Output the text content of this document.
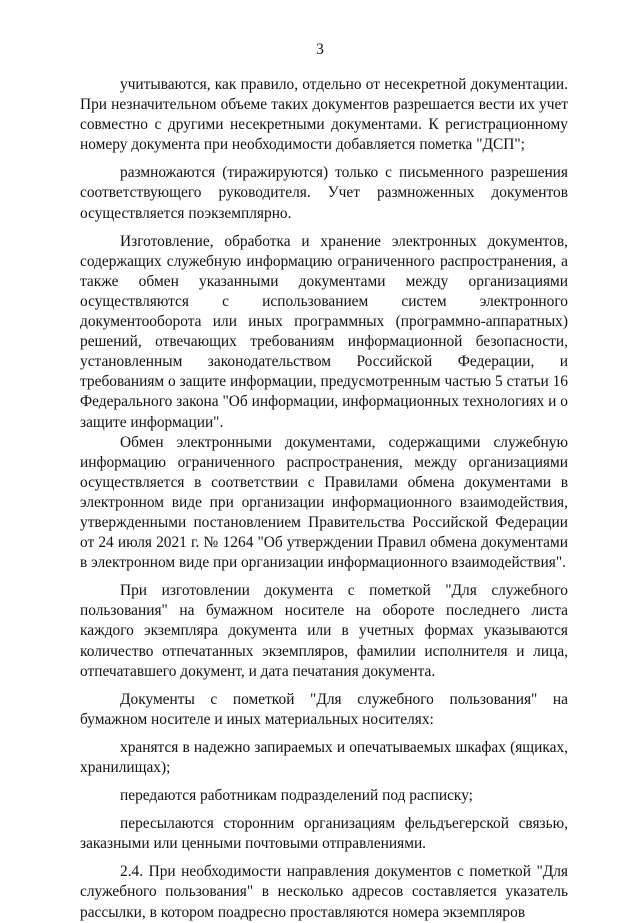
3

учитываются, как правило, отдельно от несекретной документации. При незначительном объеме таких документов разрешается вести их учет совместно с другими несекретными документами. К регистрационному номеру документа при необходимости добавляется пометка "ДСП";

размножаются (тиражируются) только с письменного разрешения соответствующего руководителя. Учет размноженных документов осуществляется поэкземплярно.

Изготовление, обработка и хранение электронных документов, содержащих служебную информацию ограниченного распространения, а также обмен указанными документами между организациями осуществляются с использованием систем электронного документооборота или иных программных (программно-аппаратных) решений, отвечающих требованиям информационной безопасности, установленным законодательством Российской Федерации, и требованиям о защите информации, предусмотренным частью 5 статьи 16 Федерального закона "Об информации, информационных технологиях и о защите информации".

Обмен электронными документами, содержащими служебную информацию ограниченного распространения, между организациями осуществляется в соответствии с Правилами обмена документами в электронном виде при организации информационного взаимодействия, утвержденными постановлением Правительства Российской Федерации от 24 июля 2021 г. № 1264 "Об утверждении Правил обмена документами в электронном виде при организации информационного взаимодействия".

При изготовлении документа с пометкой "Для служебного пользования" на бумажном носителе на обороте последнего листа каждого экземпляра документа или в учетных формах указываются количество отпечатанных экземпляров, фамилии исполнителя и лица, отпечатавшего документ, и дата печатания документа.

Документы с пометкой "Для служебного пользования" на бумажном носителе и иных материальных носителях:

хранятся в надежно запираемых и опечатываемых шкафах (ящиках, хранилищах);

передаются работникам подразделений под расписку;

пересылаются сторонним организациям фельдъегерской связью, заказными или ценными почтовыми отправлениями.

2.4. При необходимости направления документов с пометкой "Для служебного пользования" в несколько адресов составляется указатель рассылки, в котором поадресно проставляются номера экземпляров
